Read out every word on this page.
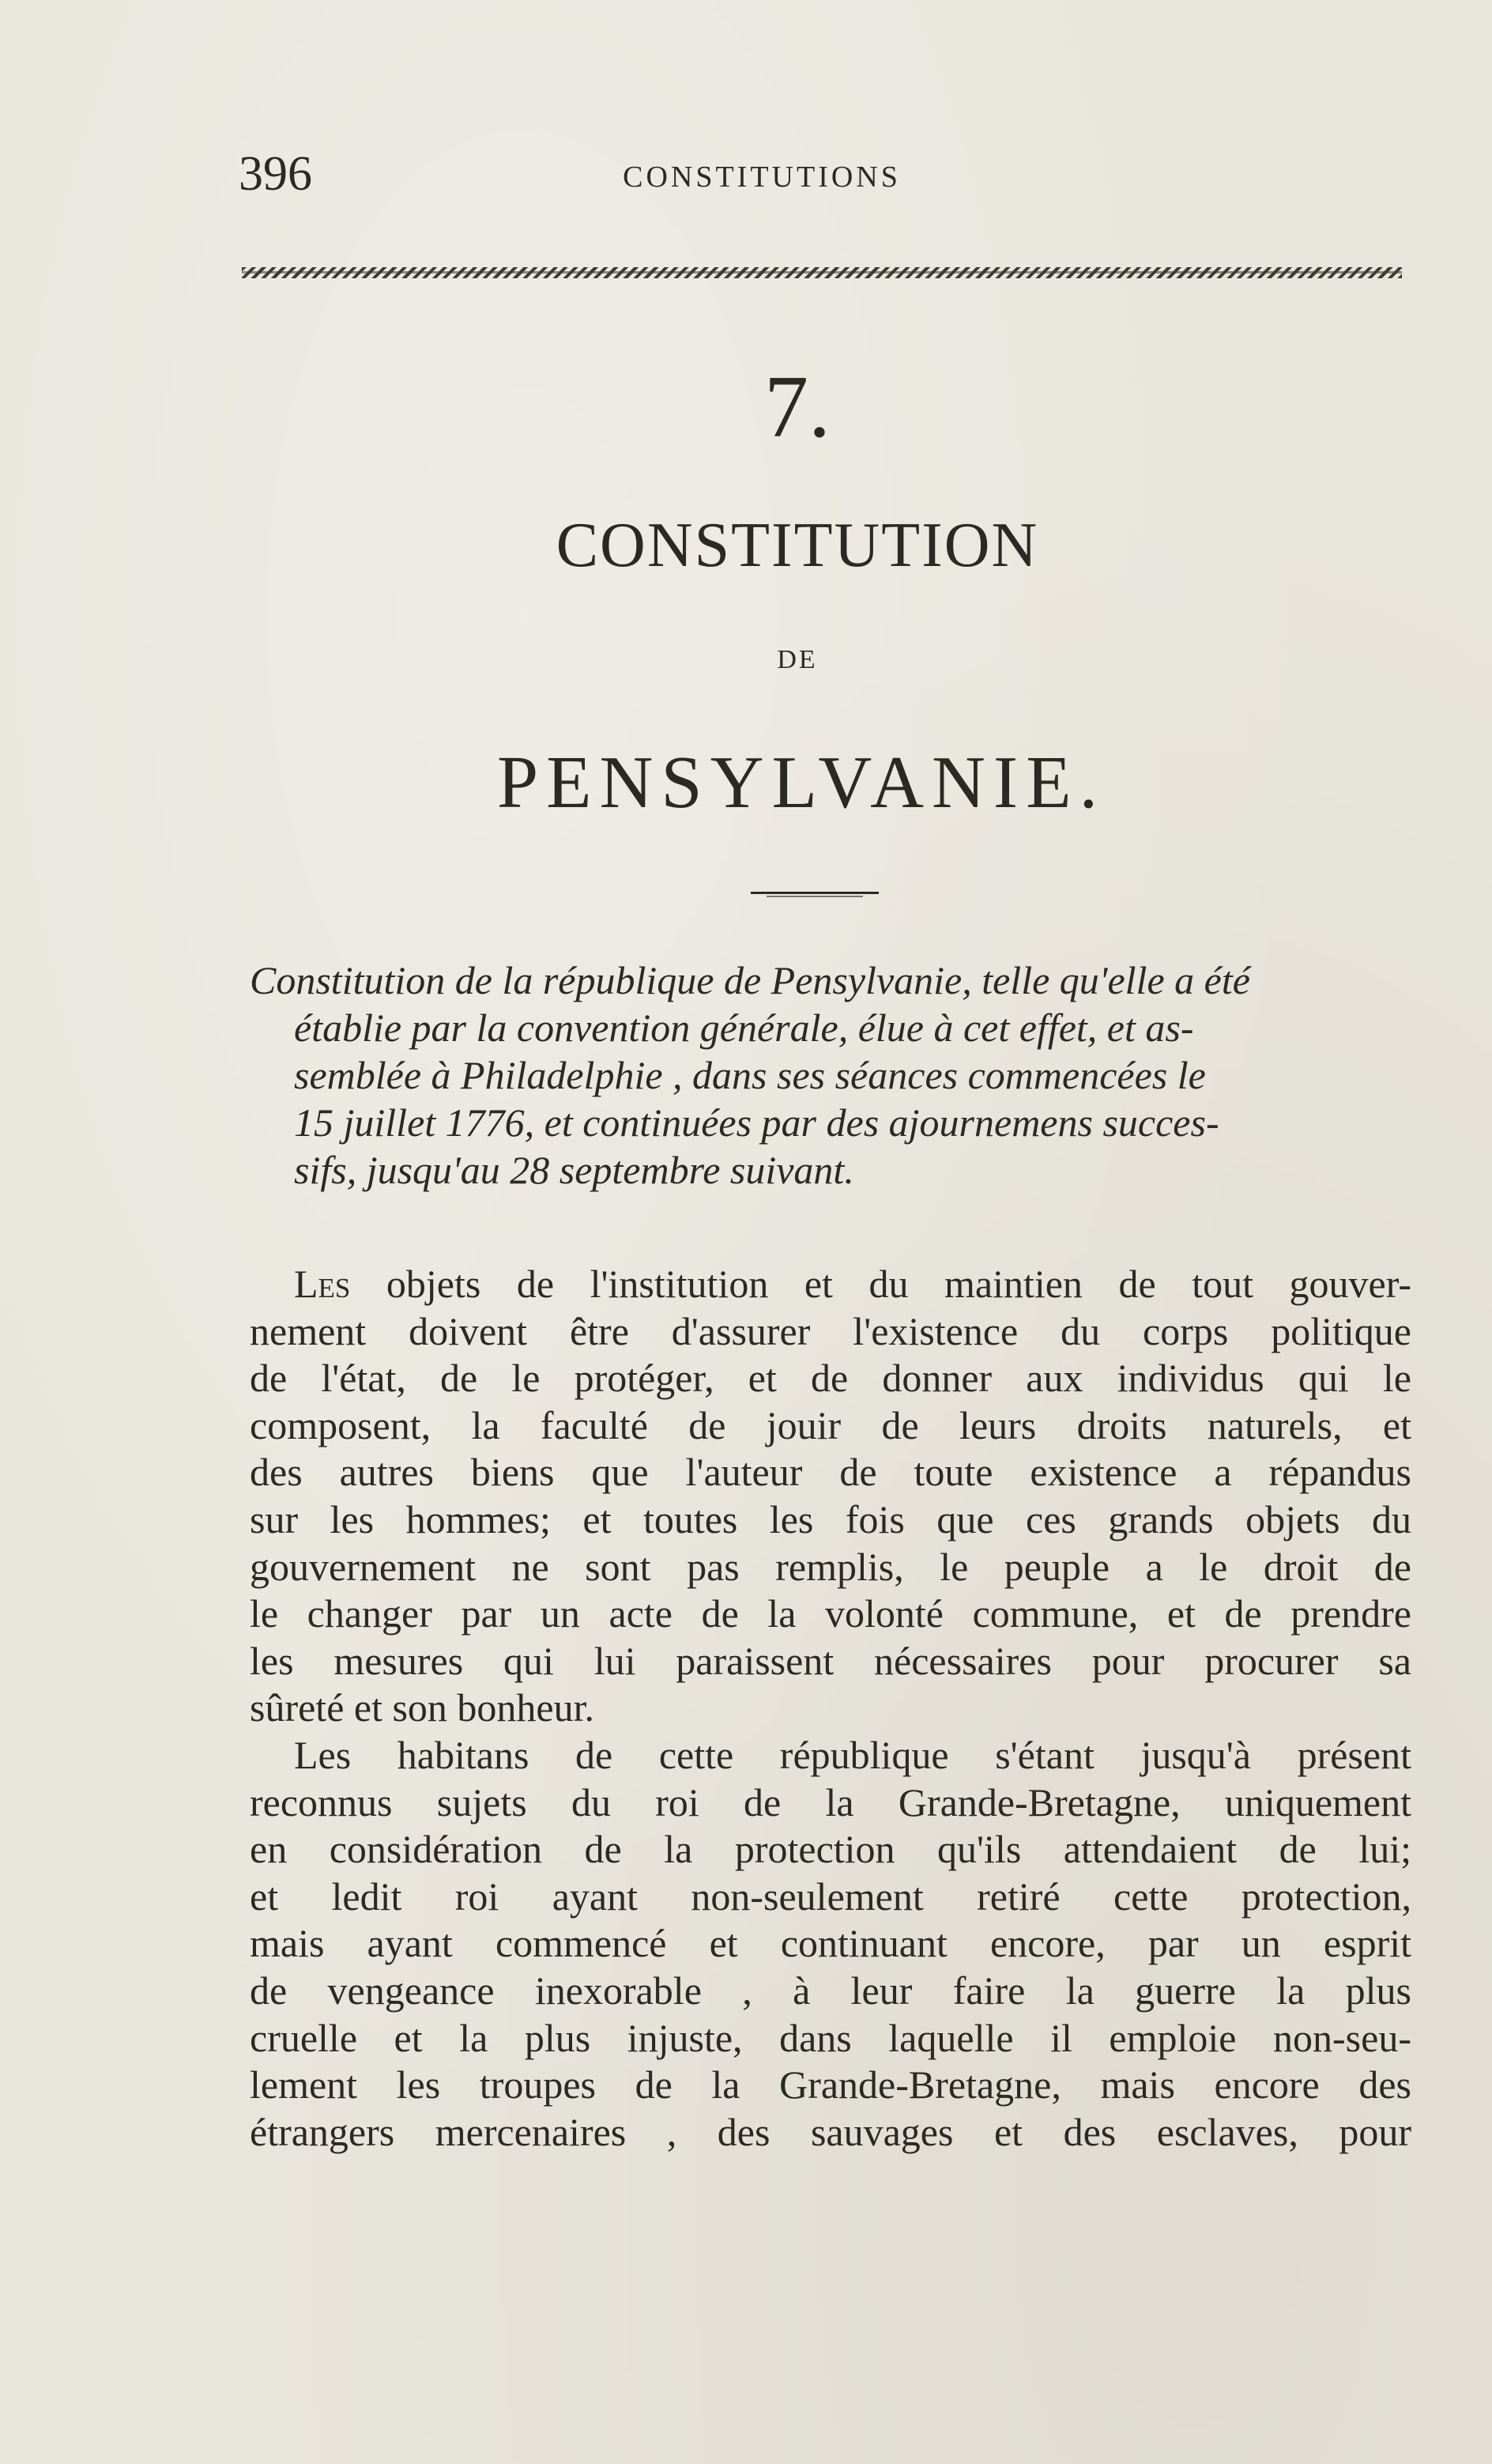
396	CONSTITUTIONS
7.
CONSTITUTION
DE
PENSYLVANIE.
Constitution de la république de Pensylvanie, telle qu'elle a été
établie par la convention générale, élue à cet effet, et as-
semblée à Philadelphie , dans ses séances commencées le
15 juillet 1776, et continuées par des ajournemens succes-
sifs, jusqu'au 28 septembre suivant.
Les objets de l'institution et du maintien de tout gouver-
nement doivent être d'assurer l'existence du corps politique
de l'état, de le protéger, et de donner aux individus qui le
composent, la faculté de jouir de leurs droits naturels, et
des autres biens que l'auteur de toute existence a répandus
sur les hommes; et toutes les fois que ces grands objets du
gouvernement ne sont pas remplis, le peuple a le droit de
le changer par un acte de la volonté commune, et de prendre
les mesures qui lui paraissent nécessaires pour procurer sa
sûreté et son bonheur.
Les habitans de cette république s'étant jusqu'à présent
reconnus sujets du roi de la Grande-Bretagne, uniquement
en considération de la protection qu'ils attendaient de lui;
et ledit roi ayant non-seulement retiré cette protection,
mais ayant commencé et continuant encore, par un esprit
de vengeance inexorable , à leur faire la guerre la plus
cruelle et la plus injuste, dans laquelle il emploie non-seu-
lement les troupes de la Grande-Bretagne, mais encore des
étrangers mercenaires , des sauvages et des esclaves, pour
